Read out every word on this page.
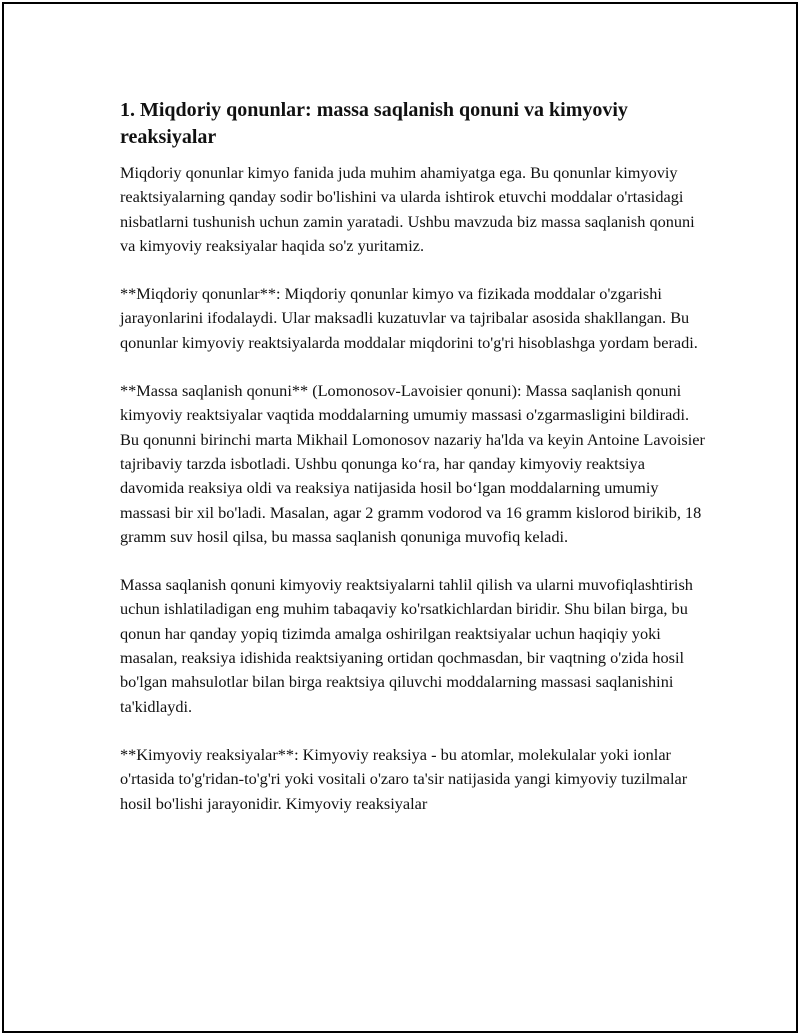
1. Miqdoriy qonunlar: massa saqlanish qonuni va kimyoviy reaksiyalar

Miqdoriy qonunlar kimyo fanida juda muhim ahamiyatga ega. Bu qonunlar kimyoviy reaktsiyalarning qanday sodir bo'lishini va ularda ishtirok etuvchi moddalar o'rtasidagi nisbatlarni tushunish uchun zamin yaratadi. Ushbu mavzuda biz massa saqlanish qonuni va kimyoviy reaksiyalar haqida so'z yuritamiz.

**Miqdoriy qonunlar**: Miqdoriy qonunlar kimyo va fizikada moddalar o'zgarishi jarayonlarini ifodalaydi. Ular maksadli kuzatuvlar va tajribalar asosida shakllangan. Bu qonunlar kimyoviy reaktsiyalarda moddalar miqdorini to'g'ri hisoblashga yordam beradi.

**Massa saqlanish qonuni** (Lomonosov-Lavoisier qonuni): Massa saqlanish qonuni kimyoviy reaktsiyalar vaqtida moddalarning umumiy massasi o'zgarmasligini bildiradi. Bu qonunni birinchi marta Mikhail Lomonosov nazariy ha'lda va keyin Antoine Lavoisier tajribaviy tarzda isbotladi. Ushbu qonunga ko‘ra, har qanday kimyoviy reaktsiya davomida reaksiya oldi va reaksiya natijasida hosil bo‘lgan moddalarning umumiy massasi bir xil bo'ladi. Masalan, agar 2 gramm vodorod va 16 gramm kislorod birikib, 18 gramm suv hosil qilsa, bu massa saqlanish qonuniga muvofiq keladi.

Massa saqlanish qonuni kimyoviy reaktsiyalarni tahlil qilish va ularni muvofiqlashtirish uchun ishlatiladigan eng muhim tabaqaviy ko'rsatkichlardan biridir. Shu bilan birga, bu qonun har qanday yopiq tizimda amalga oshirilgan reaktsiyalar uchun haqiqiy yoki masalan, reaksiya idishida reaktsiyaning ortidan qochmasdan, bir vaqtning o'zida hosil bo'lgan mahsulotlar bilan birga reaktsiya qiluvchi moddalarning massasi saqlanishini ta'kidlaydi.

**Kimyoviy reaksiyalar**: Kimyoviy reaksiya - bu atomlar, molekulalar yoki ionlar o'rtasida to'g'ridan-to'g'ri yoki vositali o'zaro ta'sir natijasida yangi kimyoviy tuzilmalar hosil bo'lishi jarayonidir. Kimyoviy reaksiyalar
